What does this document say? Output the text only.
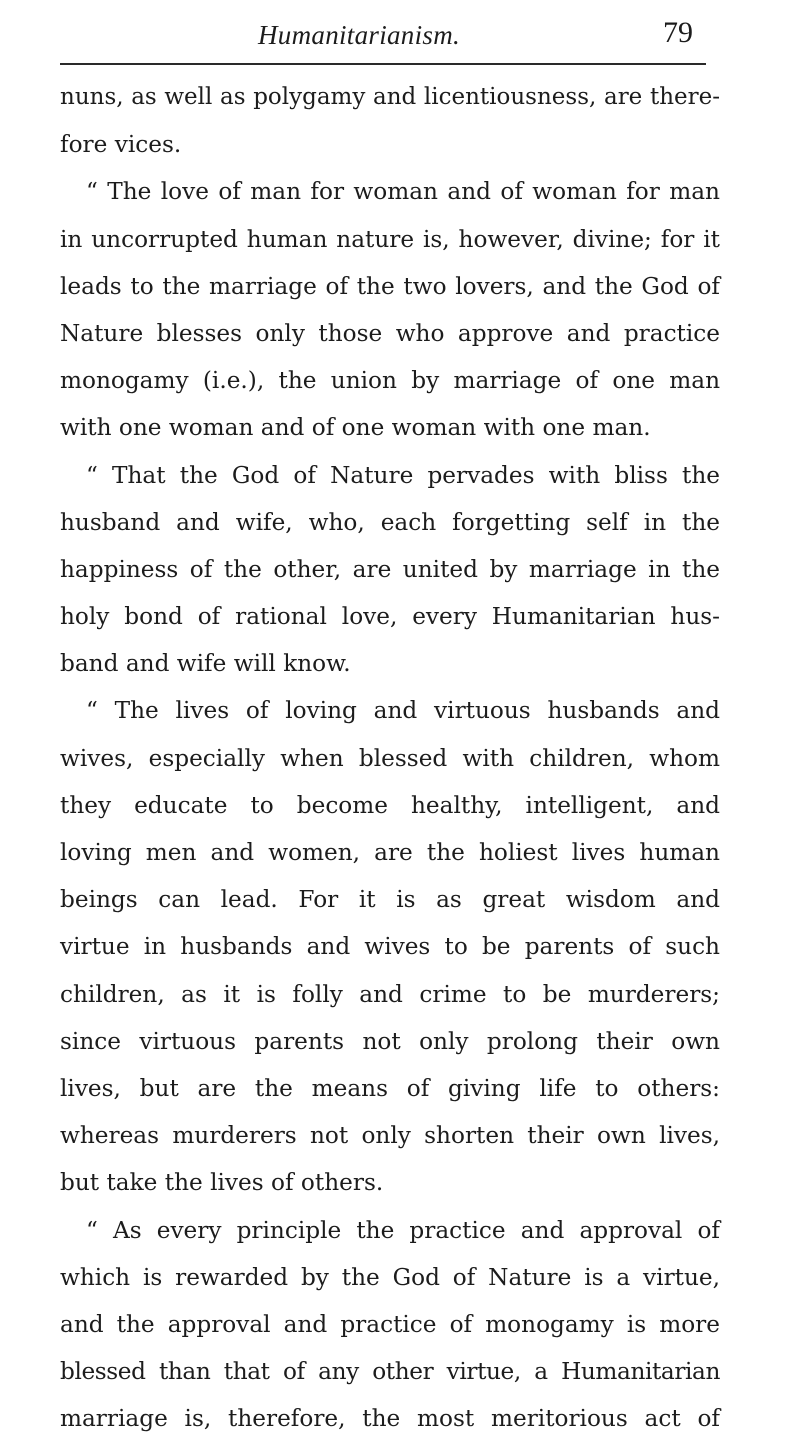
Humanitarianism.	79
nuns, as well as polygamy and licentiousness, are there-
fore vices.
“ The love of man for woman and of woman for man
in uncorrupted human nature is, however, divine; for it
leads to the marriage of the two lovers, and the God of
Nature blesses only those who approve and practice
monogamy (i.e.), the union by marriage of one man
with one woman and of one woman with one man.
“ That the God of Nature pervades with bliss the
husband and wife, who, each forgetting self in the
happiness of the other, are united by marriage in the
holy bond of rational love, every Humanitarian hus-
band and wife will know.
“ The lives of loving and virtuous husbands and
wives, especially when blessed with children, whom
they educate to become healthy, intelligent, and
loving men and women, are the holiest lives human
beings can lead. For it is as great wisdom and
virtue in husbands and wives to be parents of such
children, as it is folly and crime to be murderers;
since virtuous parents not only prolong their own
lives, but are the means of giving life to others:
whereas murderers not only shorten their own lives,
but take the lives of others.
“ As every principle the practice and approval of
which is rewarded by the God of Nature is a virtue,
and the approval and practice of monogamy is more
blessed than that of any other virtue, a Humanitarian
marriage is, therefore, the most meritorious act of
